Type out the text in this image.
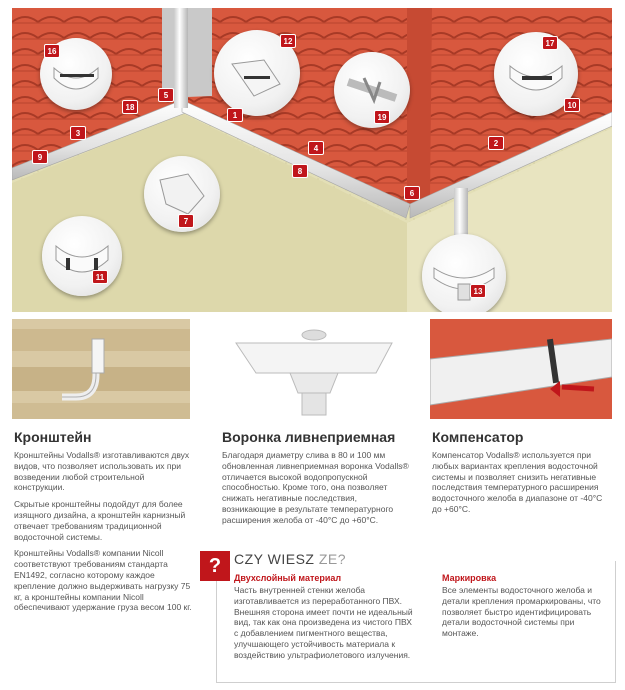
1
2
3
4
5
6
7
8
9
10
11
12
13
16
17
18
19
Кронштейн

Кронштейны Vodalls® изготавливаются двух видов, что позволяет использовать их при возведении любой строительной конструкции.

Скрытые кронштейны подойдут для более изящного дизайна, а кронштейн карнизный отвечает требованиям традиционной водосточной системы.

Кронштейны Vodalls® компании Nicoll соответствуют требованиям стандарта EN1492, согласно которому каждое крепление должно выдерживать нагрузку 75 кг, а кронштейны компании Nicoll обеспечивают удержание груза весом 100 кг.

Воронка ливнеприемная

Благодаря диаметру слива в 80 и 100 мм обновленная ливнеприемная воронка Vodalls® отличается высокой водопропускной способностью. Кроме того, она позволяет снижать негативные последствия, возникающие в результате температурного расширения желоба от -40°C до +60°C.

Компенсатор

Компенсатор Vodalls® используется при любых вариантах крепления водосточной системы и позволяет снизить негативные последствия температурного расширения водосточного желоба в диапазоне от -40°C до +60°C.

? CZY WIESZ ZE?
Двухслойный материал
Часть внутренней стенки желоба изготавливается из переработанного ПВХ. Внешняя сторона имеет почти не идеальный вид, так как она произведена из чистого ПВХ с добавлением пигментного вещества, улучшающего устойчивость материала к воздействию ультрафиолетового излучения.
Маркировка
Все элементы водосточного желоба и детали крепления промаркированы, что позволяет быстро идентифицировать детали водосточной системы при монтаже.
